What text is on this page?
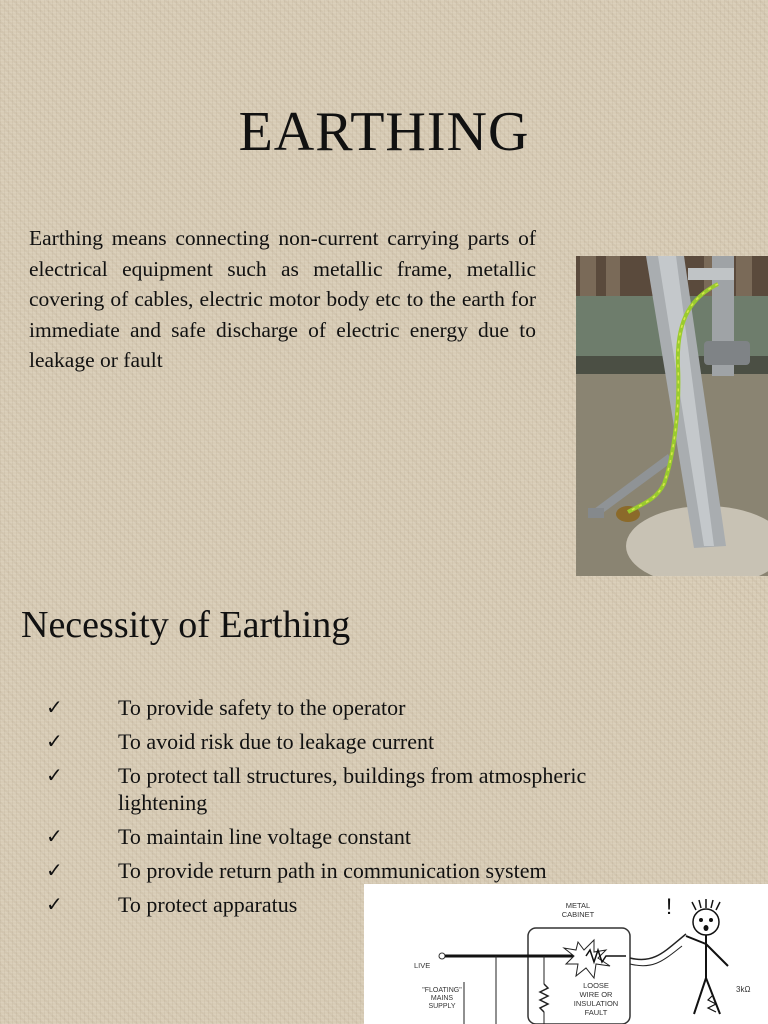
EARTHING

Earthing means connecting non-current carrying parts of electrical equipment such as metallic frame, metallic covering of cables, electric motor body etc to the earth for immediate and safe discharge of electric energy due to leakage or fault

Necessity of Earthing
✓	To provide safety to the operator
✓	To avoid risk due to leakage current
✓	To protect tall structures, buildings from atmospheric lightening
✓	To maintain line voltage constant
✓	To provide return path in communication system
✓	To protect apparatus	METAL
CABINET
LIVE
"FLOATING"
MAINS
SUPPLY
LOOSE
WIRE OR
INSULATION
FAULT
!
3kΩ
